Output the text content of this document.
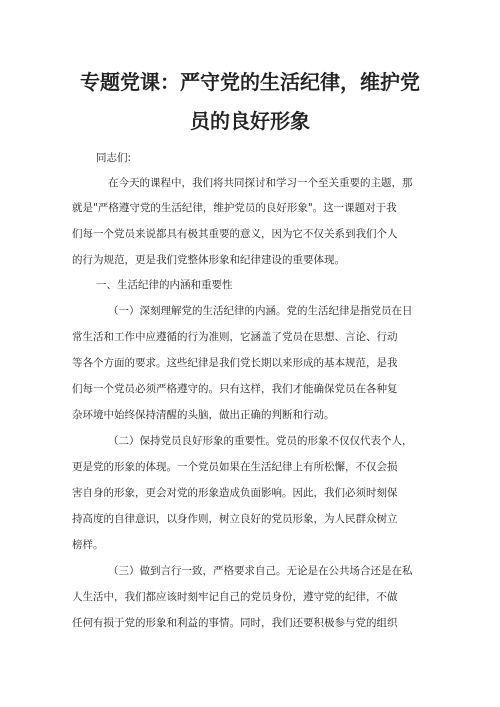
专题党课：严守党的生活纪律，维护党
员的良好形象
同志们:
在今天的课程中，我们将共同探讨和学习一个至关重要的主题，那
就是"严格遵守党的生活纪律，维护党员的良好形象"。这一课题对于我
们每一个党员来说都具有极其重要的意义，因为它不仅关系到我们个人
的行为规范，更是我们党整体形象和纪律建设的重要体现。
一、生活纪律的内涵和重要性
（一）深刻理解党的生活纪律的内涵。党的生活纪律是指党员在日
常生活和工作中应遵循的行为准则，它涵盖了党员在思想、言论、行动
等各个方面的要求。这些纪律是我们党长期以来形成的基本规范，是我
们每一个党员必须严格遵守的。只有这样，我们才能确保党员在各种复
杂环境中始终保持清醒的头脑，做出正确的判断和行动。
（二）保持党员良好形象的重要性。党员的形象不仅仅代表个人，
更是党的形象的体现。一个党员如果在生活纪律上有所松懈，不仅会损
害自身的形象，更会对党的形象造成负面影响。因此，我们必须时刻保
持高度的自律意识，以身作则，树立良好的党员形象，为人民群众树立
榜样。
（三）做到言行一致，严格要求自己。无论是在公共场合还是在私
人生活中，我们都应该时刻牢记自己的党员身份，遵守党的纪律，不做
任何有损于党的形象和利益的事情。同时，我们还要积极参与党的组织
